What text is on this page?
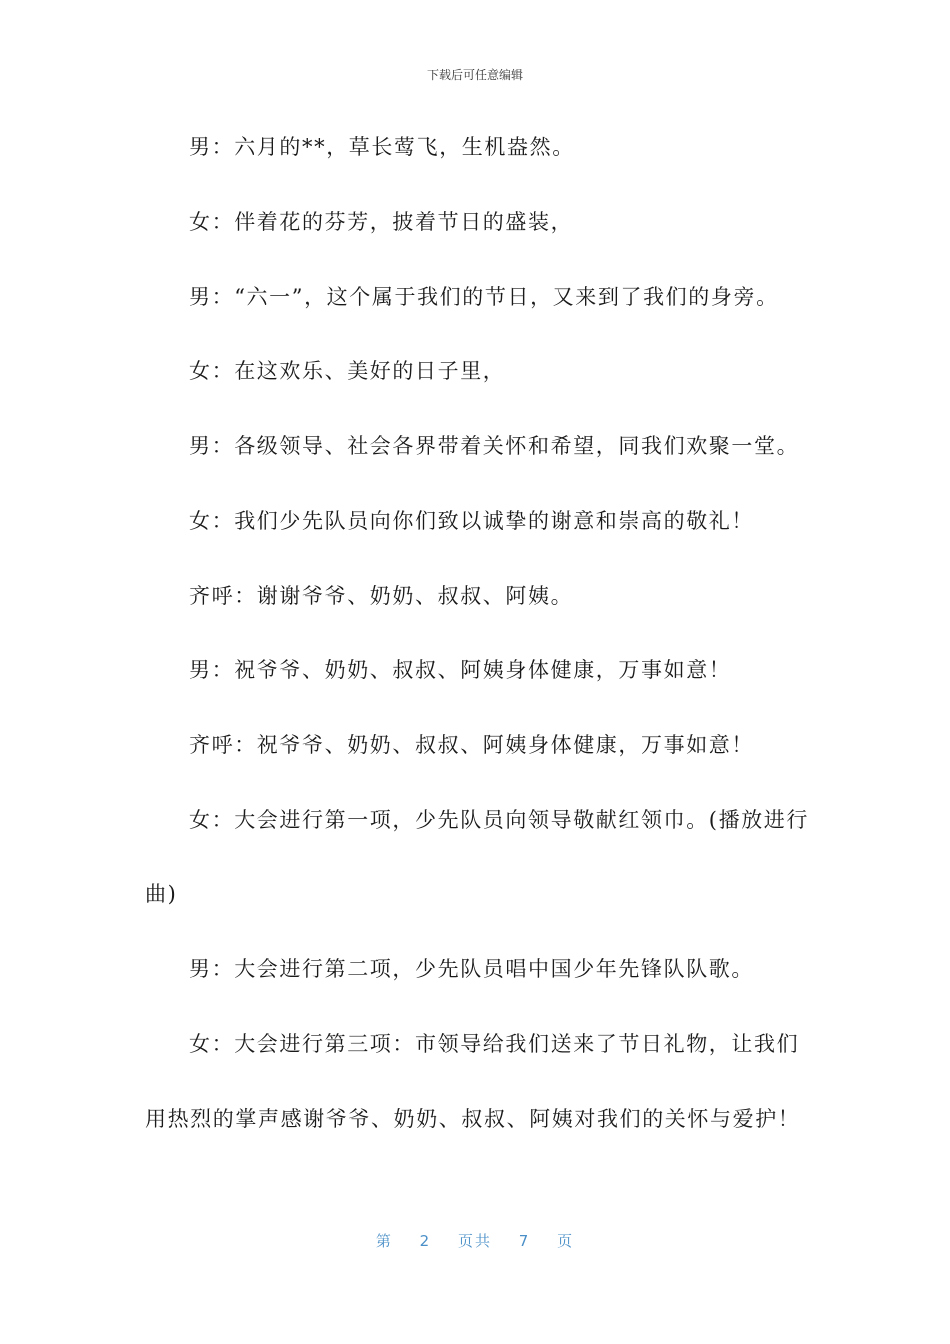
下载后可任意编辑
男：六月的**，草长莺飞，生机盎然。
女：伴着花的芬芳，披着节日的盛装，
男：“六一”，这个属于我们的节日，又来到了我们的身旁。
女：在这欢乐、美好的日子里，
男：各级领导、社会各界带着关怀和希望，同我们欢聚一堂。
女：我们少先队员向你们致以诚挚的谢意和崇高的敬礼！
齐呼：谢谢爷爷、奶奶、叔叔、阿姨。
男：祝爷爷、奶奶、叔叔、阿姨身体健康，万事如意！
齐呼：祝爷爷、奶奶、叔叔、阿姨身体健康，万事如意！
女：大会进行第一项，少先队员向领导敬献红领巾。(播放进行
曲)
男：大会进行第二项，少先队员唱中国少年先锋队队歌。
女：大会进行第三项：市领导给我们送来了节日礼物，让我们
用热烈的掌声感谢爷爷、奶奶、叔叔、阿姨对我们的关怀与爱护！
第 2 页共 7 页
